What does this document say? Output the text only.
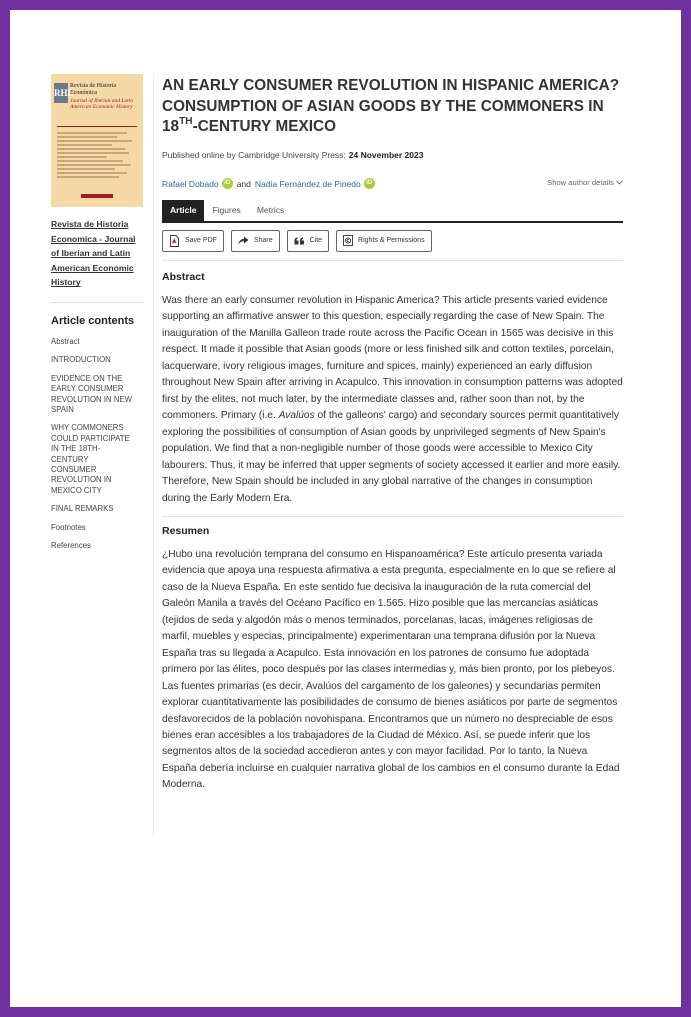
RHE
Revista de Historia Económica
Journal of Iberian and Latin American Economic History
Revista de Historia Economica - Journal of Iberian and Latin American Economic History
Article contents
Abstract
INTRODUCTION
EVIDENCE ON THE EARLY CONSUMER REVOLUTION IN NEW SPAIN
WHY COMMONERS COULD PARTICIPATE IN THE 18TH-CENTURY CONSUMER REVOLUTION IN MEXICO CITY
FINAL REMARKS
Footnotes
References
AN EARLY CONSUMER REVOLUTION IN HISPANIC AMERICA? CONSUMPTION OF ASIAN GOODS BY THE COMMONERS IN 18TH-CENTURY MEXICO
Published online by Cambridge University Press: 24 November 2023
Rafael Dobado iD and Nadia Fernández de Pinedo iD	Show author details
Article	Figures	Metrics
Save PDF	Share	Cite	Rights & Permissions
Abstract

Was there an early consumer revolution in Hispanic America? This article presents varied evidence supporting an affirmative answer to this question, especially regarding the case of New Spain. The inauguration of the Manilla Galleon trade route across the Pacific Ocean in 1565 was decisive in this respect. It made it possible that Asian goods (more or less finished silk and cotton textiles, porcelain, lacquerware, ivory religious images, furniture and spices, mainly) experienced an early diffusion throughout New Spain after arriving in Acapulco. This innovation in consumption patterns was adopted first by the elites, not much later, by the intermediate classes and, rather soon than not, by the commoners. Primary (i.e. Avalúos of the galleons' cargo) and secondary sources permit quantitatively exploring the possibilities of consumption of Asian goods by unprivileged segments of New Spain's population. We find that a non-negligible number of those goods were accessible to Mexico City labourers. Thus, it may be inferred that upper segments of society accessed it earlier and more easily. Therefore, New Spain should be included in any global narrative of the changes in consumption during the Early Modern Era.

Resumen

¿Hubo una revolución temprana del consumo en Hispanoamérica? Este artículo presenta variada evidencia que apoya una respuesta afirmativa a esta pregunta, especialmente en lo que se refiere al caso de la Nueva España. En este sentido fue decisiva la inauguración de la ruta comercial del Galeón Manila a través del Océano Pacífico en 1.565. Hizo posible que las mercancías asiáticas (tejidos de seda y algodón más o menos terminados, porcelanas, lacas, imágenes religiosas de marfil, muebles y especias, principalmente) experimentaran una temprana difusión por la Nueva España tras su llegada a Acapulco. Esta innovación en los patrones de consumo fue adoptada primero por las élites, poco después por las clases intermedias y, más bien pronto, por los plebeyos. Las fuentes primarias (es decir, Avalúos del cargamento de los galeones) y secundarias permiten explorar cuantitativamente las posibilidades de consumo de bienes asiáticos por parte de segmentos desfavorecidos de la población novohispana. Encontramos que un número no despreciable de esos bienes eran accesibles a los trabajadores de la Ciudad de México. Así, se puede inferir que los segmentos altos de la sociedad accedieron antes y con mayor facilidad. Por lo tanto, la Nueva España debería incluirse en cualquier narrativa global de los cambios en el consumo durante la Edad Moderna.
